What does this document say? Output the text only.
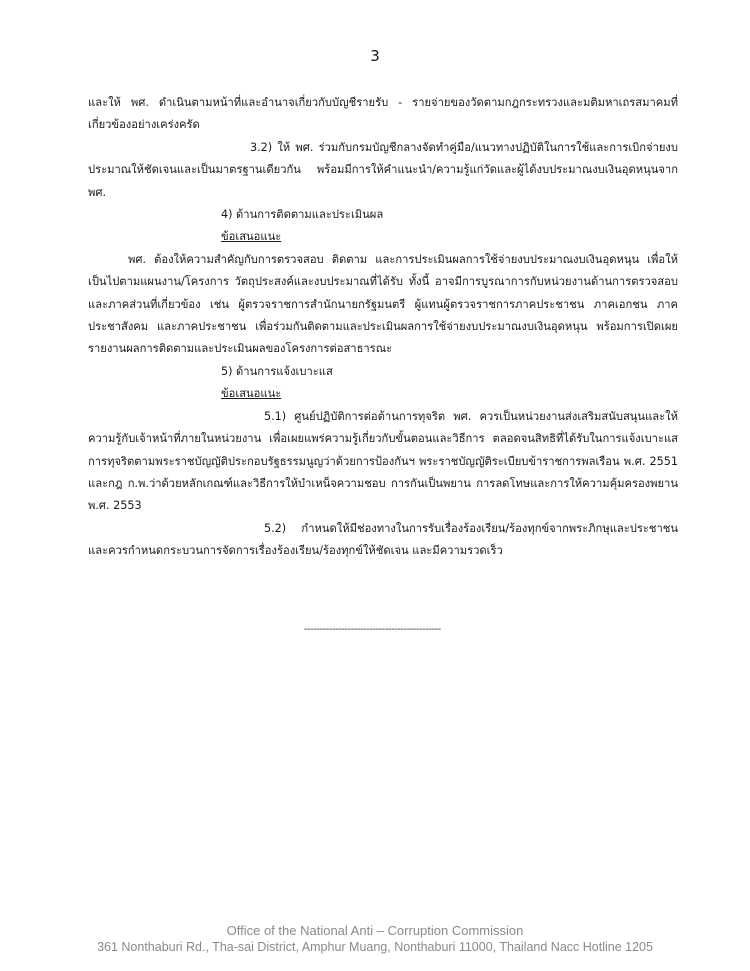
3

และให้ พศ. ดำเนินตามหน้าที่และอำนาจเกี่ยวกับบัญชีรายรับ - รายจ่ายของวัดตามกฎกระทรวงและมติมหาเถรสมาคมที่เกี่ยวข้องอย่างเคร่งครัด

3.2) ให้ พศ. ร่วมกับกรมบัญชีกลางจัดทำคู่มือ/แนวทางปฏิบัติในการใช้และการเบิกจ่ายงบประมาณให้ชัดเจนและเป็นมาตรฐานเดียวกัน พร้อมมีการให้คำแนะนำ/ความรู้แก่วัดและผู้ได้งบประมาณงบเงินอุดหนุนจาก พศ.

4) ด้านการติดตามและประเมินผล

ข้อเสนอแนะ

พศ. ต้องให้ความสำคัญกับการตรวจสอบ ติดตาม และการประเมินผลการใช้จ่ายงบประมาณงบเงินอุดหนุน เพื่อให้เป็นไปตามแผนงาน/โครงการ วัตถุประสงค์และงบประมาณที่ได้รับ ทั้งนี้ อาจมีการบูรณาการกับหน่วยงานด้านการตรวจสอบและภาคส่วนที่เกี่ยวข้อง เช่น ผู้ตรวจราชการสำนักนายกรัฐมนตรี ผู้แทนผู้ตรวจราชการภาคประชาชน ภาคเอกชน ภาคประชาสังคม และภาคประชาชน เพื่อร่วมกันติดตามและประเมินผลการใช้จ่ายงบประมาณงบเงินอุดหนุน พร้อมการเปิดเผยรายงานผลการติดตามและประเมินผลของโครงการต่อสาธารณะ

5) ด้านการแจ้งเบาะแส

ข้อเสนอแนะ

5.1) ศูนย์ปฏิบัติการต่อต้านการทุจริต พศ. ควรเป็นหน่วยงานส่งเสริมสนับสนุนและให้ความรู้กับเจ้าหน้าที่ภายในหน่วยงาน เพื่อเผยแพร่ความรู้เกี่ยวกับขั้นตอนและวิธีการ ตลอดจนสิทธิที่ได้รับในการแจ้งเบาะแสการทุจริตตามพระราชบัญญัติประกอบรัฐธรรมนูญว่าด้วยการป้องกันฯ พระราชบัญญัติระเบียบข้าราชการพลเรือน พ.ศ. 2551 และกฎ ก.พ.ว่าด้วยหลักเกณฑ์และวิธีการให้บำเหน็จความชอบ การกันเป็นพยาน การลดโทษและการให้ความคุ้มครองพยาน พ.ศ. 2553

5.2) กำหนดให้มีช่องทางในการรับเรื่องร้องเรียน/ร้องทุกข์จากพระภิกษุและประชาชน และควรกำหนดกระบวนการจัดการเรื่องร้องเรียน/ร้องทุกข์ให้ชัดเจน และมีความรวดเร็ว

--------------------------------------------
Office of the National Anti – Corruption Commission
361 Nonthaburi Rd., Tha-sai District, Amphur Muang, Nonthaburi 11000, Thailand Nacc Hotline 1205
